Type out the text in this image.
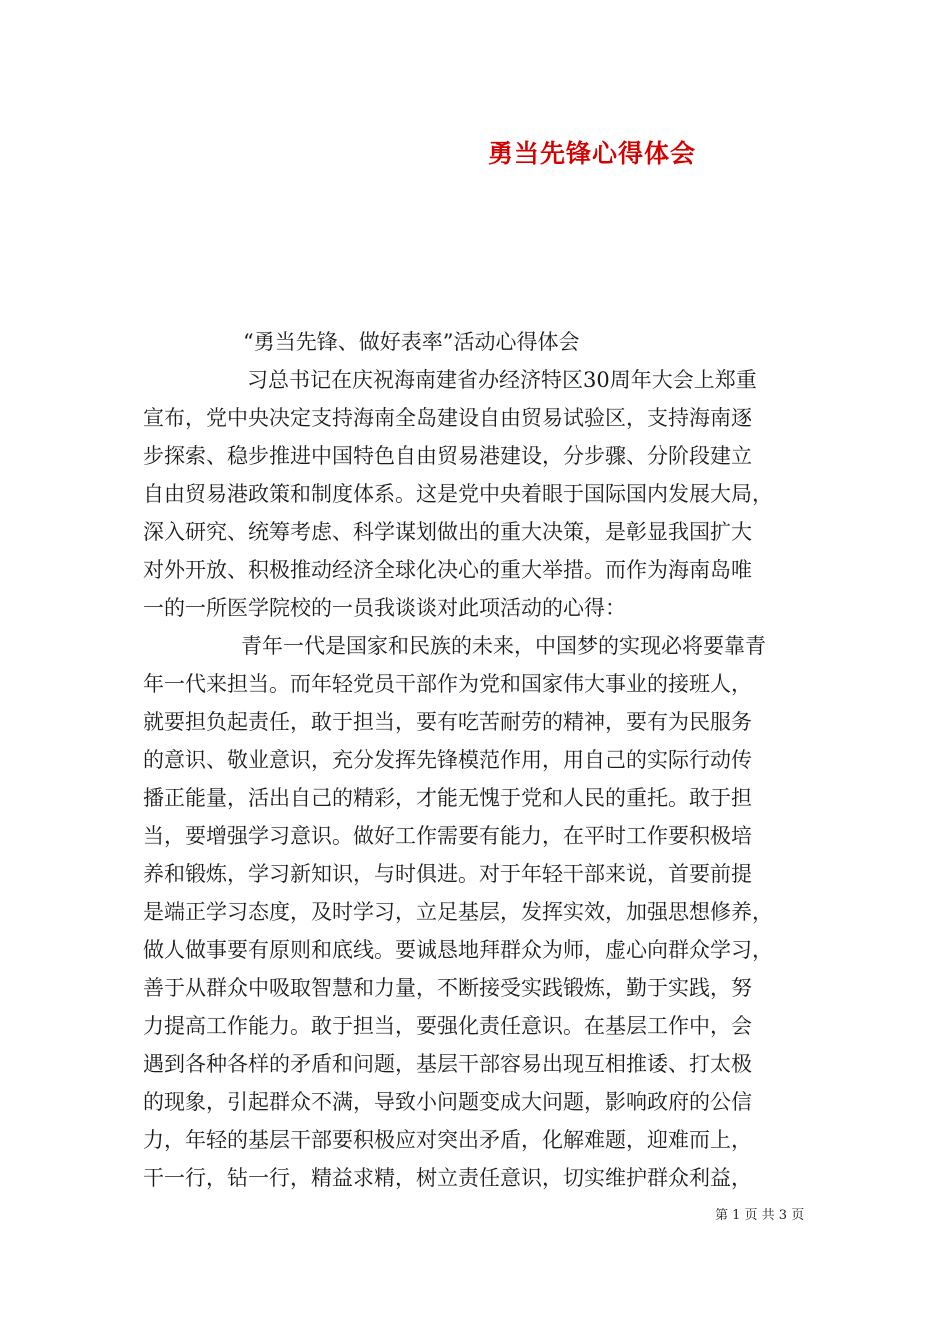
勇当先锋心得体会

“勇当先锋、做好表率”活动心得体会

习总书记在庆祝海南建省办经济特区30周年大会上郑重
宣布，党中央决定支持海南全岛建设自由贸易试验区，支持海南逐
步探索、稳步推进中国特色自由贸易港建设，分步骤、分阶段建立
自由贸易港政策和制度体系。这是党中央着眼于国际国内发展大局，
深入研究、统筹考虑、科学谋划做出的重大决策，是彰显我国扩大
对外开放、积极推动经济全球化决心的重大举措。而作为海南岛唯
一的一所医学院校的一员我谈谈对此项活动的心得：
青年一代是国家和民族的未来，中国梦的实现必将要靠青
年一代来担当。而年轻党员干部作为党和国家伟大事业的接班人，
就要担负起责任，敢于担当，要有吃苦耐劳的精神，要有为民服务
的意识、敬业意识，充分发挥先锋模范作用，用自己的实际行动传
播正能量，活出自己的精彩，才能无愧于党和人民的重托。敢于担
当，要增强学习意识。做好工作需要有能力，在平时工作要积极培
养和锻炼，学习新知识，与时俱进。对于年轻干部来说，首要前提
是端正学习态度，及时学习，立足基层，发挥实效，加强思想修养，
做人做事要有原则和底线。要诚恳地拜群众为师，虚心向群众学习，
善于从群众中吸取智慧和力量，不断接受实践锻炼，勤于实践，努
力提高工作能力。敢于担当，要强化责任意识。在基层工作中，会
遇到各种各样的矛盾和问题，基层干部容易出现互相推诿、打太极
的现象，引起群众不满，导致小问题变成大问题，影响政府的公信
力，年轻的基层干部要积极应对突出矛盾，化解难题，迎难而上，
干一行，钻一行，精益求精，树立责任意识，切实维护群众利益，
第 1 页 共 3 页
